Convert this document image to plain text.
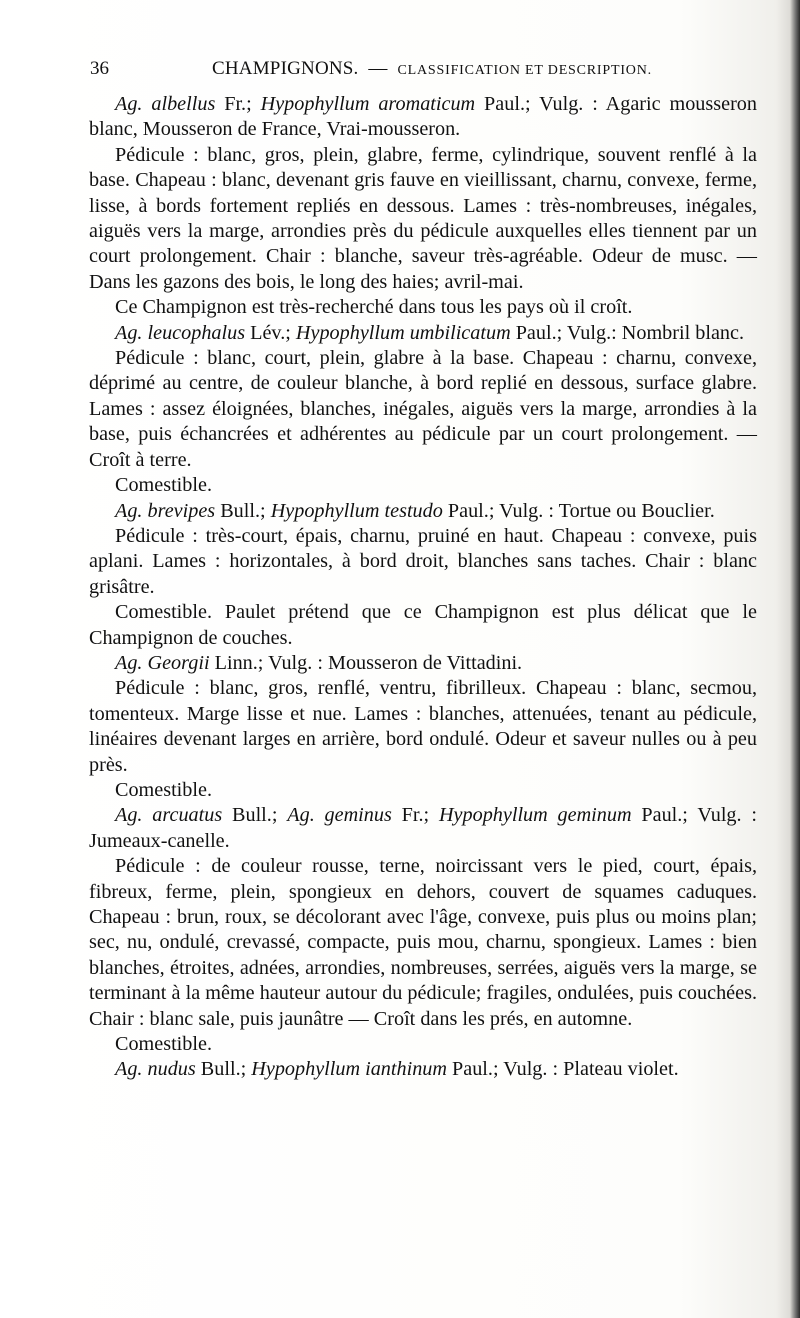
36	CHAMPIGNONS. — CLASSIFICATION ET DESCRIPTION.

Ag. albellus Fr.; Hypophyllum aromaticum Paul.; Vulg. : Agaric mousseron blanc, Mousseron de France, Vrai-mousseron.

Pédicule : blanc, gros, plein, glabre, ferme, cylindrique, souvent renflé à la base. Chapeau : blanc, devenant gris fauve en vieillissant, charnu, convexe, ferme, lisse, à bords fortement repliés en dessous. Lames : très-nombreuses, inégales, aiguës vers la marge, arrondies près du pédicule auxquelles elles tiennent par un court prolongement. Chair : blanche, saveur très-agréable. Odeur de musc. — Dans les gazons des bois, le long des haies; avril-mai.

Ce Champignon est très-recherché dans tous les pays où il croît.

Ag. leucophalus Lév.; Hypophyllum umbilicatum Paul.; Vulg.: Nombril blanc.

Pédicule : blanc, court, plein, glabre à la base. Chapeau : charnu, convexe, déprimé au centre, de couleur blanche, à bord replié en dessous, surface glabre. Lames : assez éloignées, blanches, inégales, aiguës vers la marge, arrondies à la base, puis échancrées et adhérentes au pédicule par un court prolongement. — Croît à terre.

Comestible.

Ag. brevipes Bull.; Hypophyllum testudo Paul.; Vulg. : Tortue ou Bouclier.

Pédicule : très-court, épais, charnu, pruiné en haut. Chapeau : convexe, puis aplani. Lames : horizontales, à bord droit, blanches sans taches. Chair : blanc grisâtre.

Comestible. Paulet prétend que ce Champignon est plus délicat que le Champignon de couches.

Ag. Georgii Linn.; Vulg. : Mousseron de Vittadini.

Pédicule : blanc, gros, renflé, ventru, fibrilleux. Chapeau : blanc, secmou, tomenteux. Marge lisse et nue. Lames : blanches, attenuées, tenant au pédicule, linéaires devenant larges en arrière, bord ondulé. Odeur et saveur nulles ou à peu près.

Comestible.

Ag. arcuatus Bull.; Ag. geminus Fr.; Hypophyllum geminum Paul.; Vulg. : Jumeaux-canelle.

Pédicule : de couleur rousse, terne, noircissant vers le pied, court, épais, fibreux, ferme, plein, spongieux en dehors, couvert de squames caduques. Chapeau : brun, roux, se décolorant avec l'âge, convexe, puis plus ou moins plan; sec, nu, ondulé, crevassé, compacte, puis mou, charnu, spongieux. Lames : bien blanches, étroites, adnées, arrondies, nombreuses, serrées, aiguës vers la marge, se terminant à la même hauteur autour du pédicule; fragiles, ondulées, puis couchées. Chair : blanc sale, puis jaunâtre — Croît dans les prés, en automne.

Comestible.

Ag. nudus Bull.; Hypophyllum ianthinum Paul.; Vulg. : Plateau violet.
